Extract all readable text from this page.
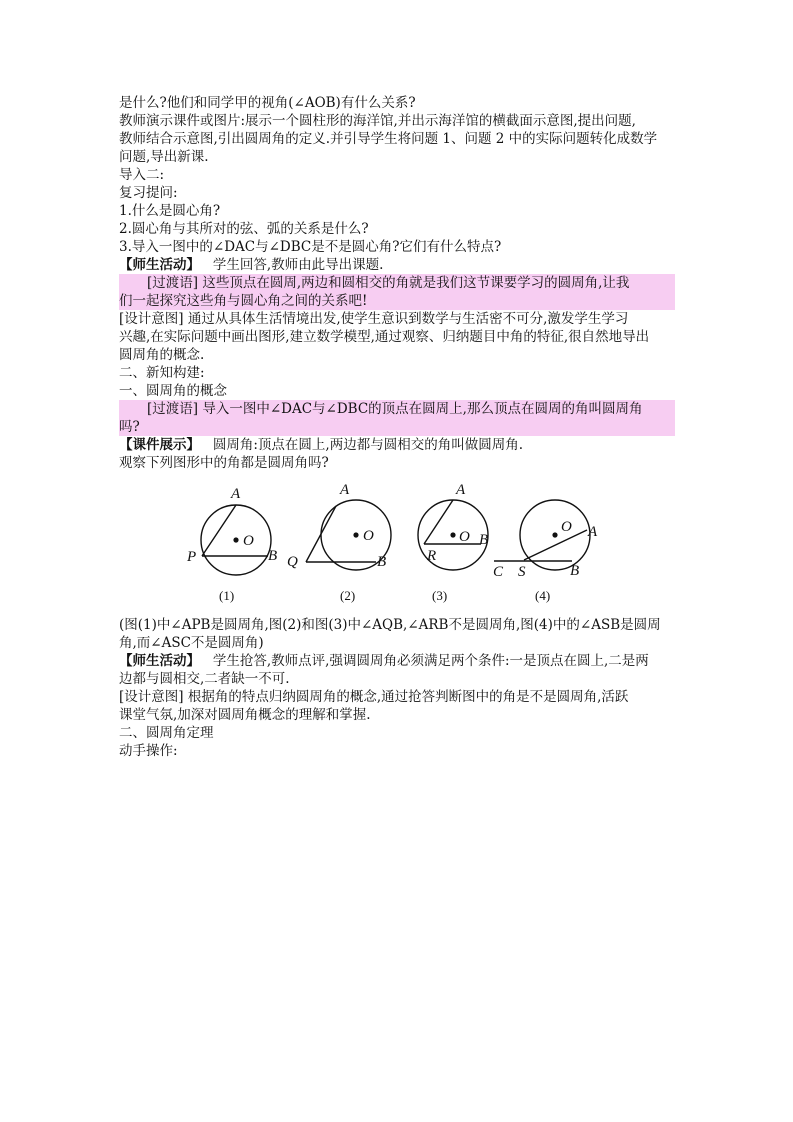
是什么?他们和同学甲的视角(∠AOB)有什么关系?
教师演示课件或图片:展示一个圆柱形的海洋馆,并出示海洋馆的横截面示意图,提出问题,
教师结合示意图,引出圆周角的定义.并引导学生将问题 1、问题 2 中的实际问题转化成数学
问题,导出新课.
导入二:
复习提问:
1.什么是圆心角?
2.圆心角与其所对的弦、弧的关系是什么?
3.导入一图中的∠DAC与∠DBC是不是圆心角?它们有什么特点?
【师生活动】 学生回答,教师由此导出课题.
[过渡语] 这些顶点在圆周,两边和圆相交的角就是我们这节课要学习的圆周角,让我
们一起探究这些角与圆心角之间的关系吧!
[设计意图] 通过从具体生活情境出发,使学生意识到数学与生活密不可分,激发学生学习
兴趣,在实际问题中画出图形,建立数学模型,通过观察、归纳题目中角的特征,很自然地导出
圆周角的概念.
二、新知构建:
一、圆周角的概念
[过渡语] 导入一图中∠DAC与∠DBC的顶点在圆周上,那么顶点在圆周的角叫圆周角
吗?
【课件展示】 圆周角:顶点在圆上,两边都与圆相交的角叫做圆周角.
观察下列图形中的角都是圆周角吗?
A
O
P	B
A
O
Q	B
A
O
R
B
O A
C S	B
(1)	(2)	(3)	(4)
(图(1)中∠APB是圆周角,图(2)和图(3)中∠AQB,∠ARB不是圆周角,图(4)中的∠ASB是圆周
角,而∠ASC不是圆周角)
【师生活动】 学生抢答,教师点评,强调圆周角必须满足两个条件:一是顶点在圆上,二是两
边都与圆相交,二者缺一不可.
[设计意图] 根据角的特点归纳圆周角的概念,通过抢答判断图中的角是不是圆周角,活跃
课堂气氛,加深对圆周角概念的理解和掌握.
二、圆周角定理
动手操作:
